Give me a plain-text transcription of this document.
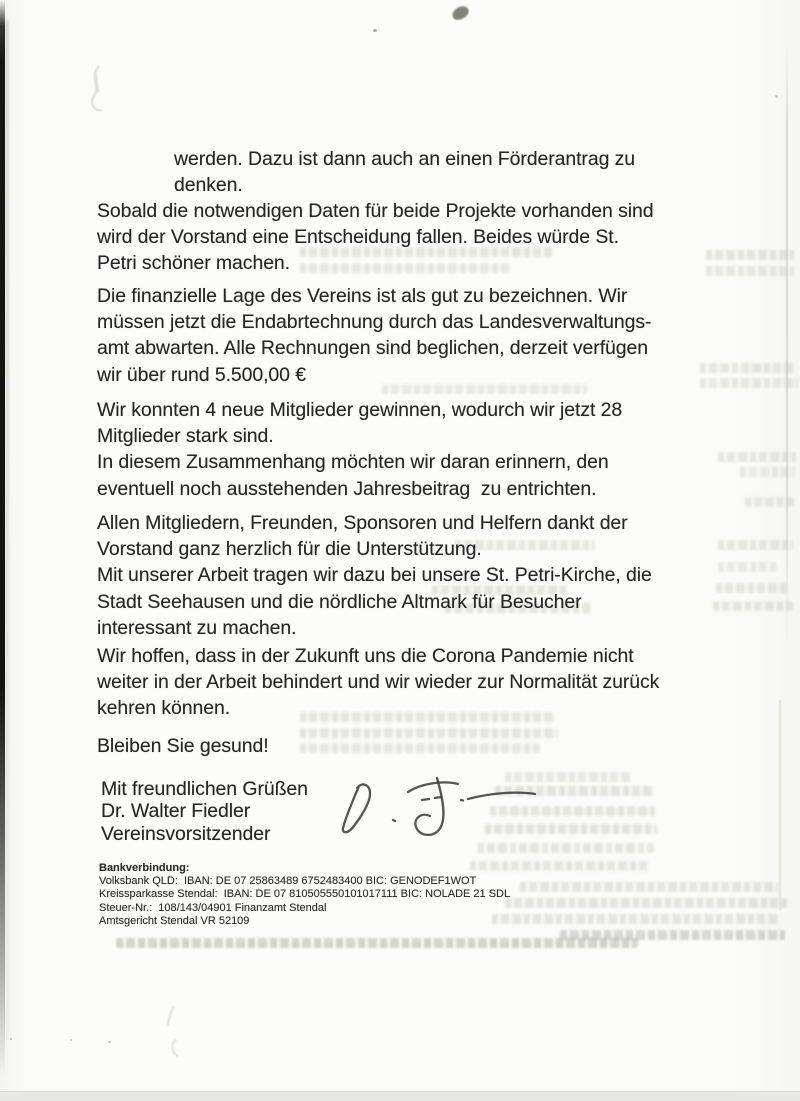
werden. Dazu ist dann auch an einen Förderantrag zu
denken.
Sobald die notwendigen Daten für beide Projekte vorhanden sind
wird der Vorstand eine Entscheidung fallen. Beides würde St.
Petri schöner machen.
Die finanzielle Lage des Vereins ist als gut zu bezeichnen. Wir
müssen jetzt die Endabrtechnung durch das Landesverwaltungs-
amt abwarten. Alle Rechnungen sind beglichen, derzeit verfügen
wir über rund 5.500,00 €
Wir konnten 4 neue Mitglieder gewinnen, wodurch wir jetzt 28
Mitglieder stark sind.
In diesem Zusammenhang möchten wir daran erinnern, den
eventuell noch ausstehenden Jahresbeitrag  zu entrichten.
Allen Mitgliedern, Freunden, Sponsoren und Helfern dankt der
Vorstand ganz herzlich für die Unterstützung.
Mit unserer Arbeit tragen wir dazu bei unsere St. Petri-Kirche, die
Stadt Seehausen und die nördliche Altmark für Besucher
interessant zu machen.
Wir hoffen, dass in der Zukunft uns die Corona Pandemie nicht
weiter in der Arbeit behindert und wir wieder zur Normalität zurück
kehren können.
Bleiben Sie gesund!
Mit freundlichen Grüßen
Dr. Walter Fiedler
Vereinsvorsitzender
Bankverbindung:
Volksbank QLD:  IBAN: DE 07 25863489 6752483400 BIC: GENODEF1WOT
Kreissparkasse Stendal:  IBAN: DE 07 810505550101017111 BIC: NOLADE 21 SDL
Steuer-Nr.:  108/143/04901 Finanzamt Stendal
Amtsgericht Stendal VR 52109
